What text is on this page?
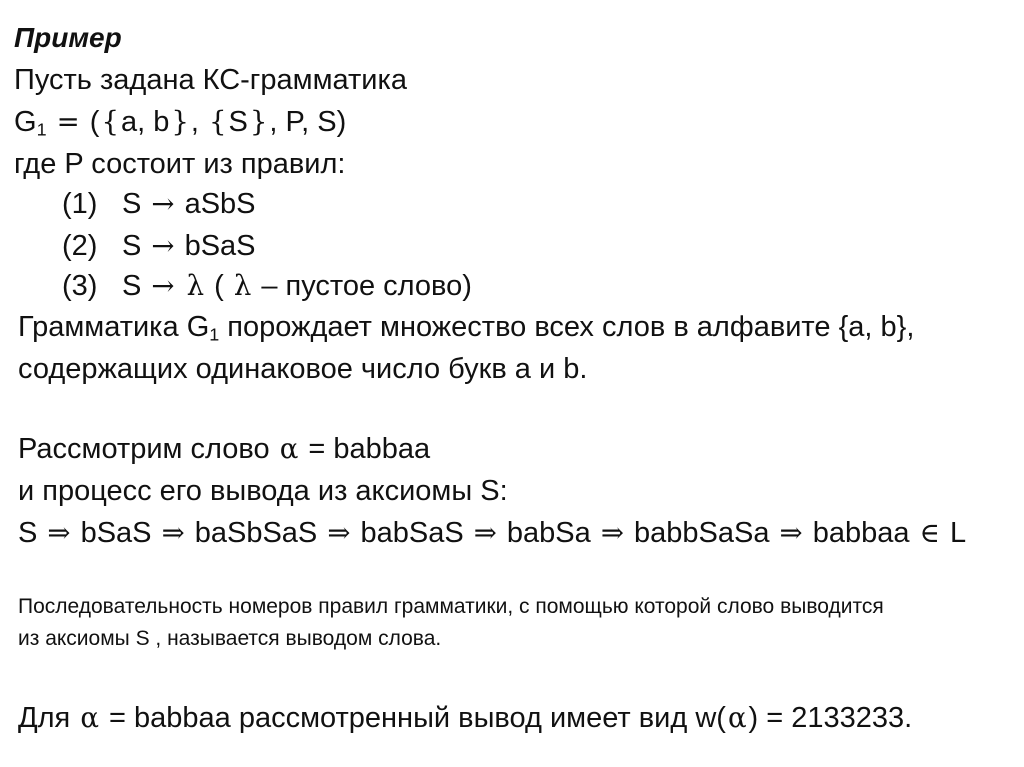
Пример
Пусть задана КС-грамматика
$G_1 = (\{a$, b}, {S}, P, S)
где P состоит из правил:
(1) S → aSbS
(2) S → bSaS
(3) S → λ ( λ – пустое слово)
Грамматика $G_1$ порождает множество всех слов в алфавите {a, b},
содержащих одинаковое число букв a и b.
Рассмотрим слово α = babbaa
и процесс его вывода из аксиомы S:
S ⇒ bSaS ⇒ baSbSaS ⇒ babSaS ⇒ babSa ⇒ babbSaSa ⇒ babbaa ∈ L
Последовательность номеров правил грамматики, с помощью которой слово выводится
из аксиомы S , называется выводом слова.
Для α = babbaa рассмотренный вывод имеет вид w(α) = 2133233.
